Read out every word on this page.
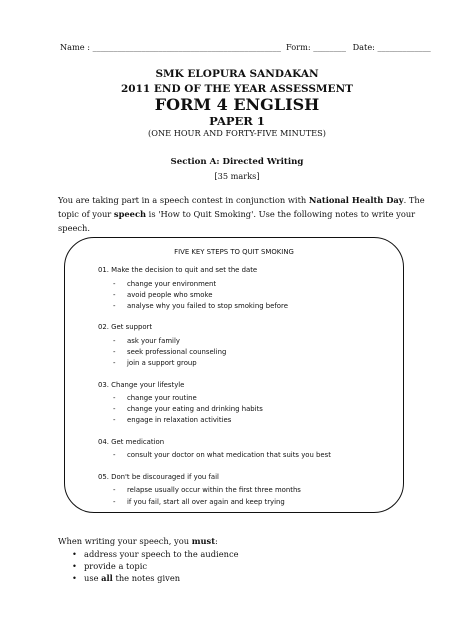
Name : ______________________________________________ Form: ________ Date: _____________
SMK ELOPURA SANDAKAN
2011 END OF THE YEAR ASSESSMENT
FORM 4 ENGLISH
PAPER 1
(ONE HOUR AND FORTY-FIVE MINUTES)
Section A: Directed Writing
[35 marks]
You are taking part in a speech contest in conjunction with National Health Day. The topic of your speech is 'How to Quit Smoking'. Use the following notes to write your speech.
FIVE KEY STEPS TO QUIT SMOKING
01. Make the decision to quit and set the date
- change your environment
- avoid people who smoke
- analyse why you failed to stop smoking before
02. Get support
- ask your family
- seek professional counseling
- join a support group
03. Change your lifestyle
- change your routine
- change your eating and drinking habits
- engage in relaxation activities
04. Get medication
- consult your doctor on what medication that suits you best
05. Don't be discouraged if you fail
- relapse usually occur within the first three months
- if you fail, start all over again and keep trying
When writing your speech, you must:
• address your speech to the audience
• provide a topic
• use all the notes given
